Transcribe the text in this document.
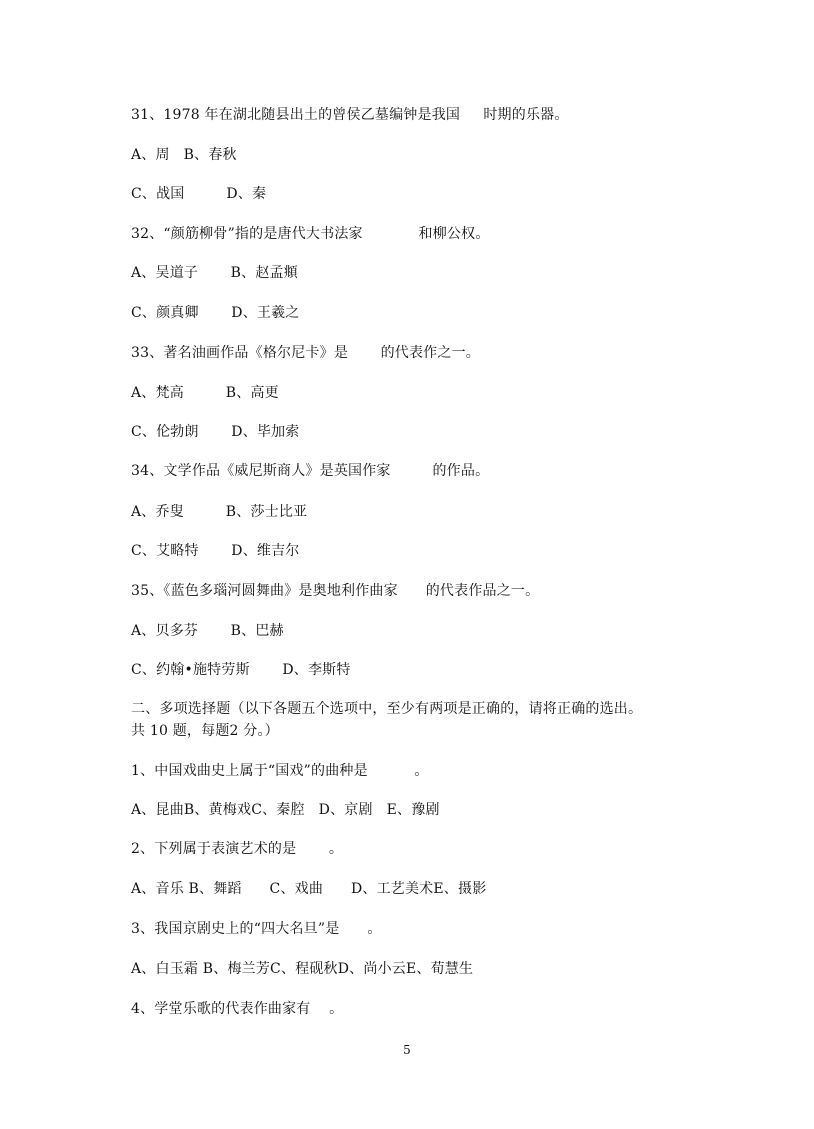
31、1978 年在湖北随县出土的曾侯乙墓编钟是我国     时期的乐器。
A、周   B、春秋
C、战国         D、秦
32、“颜筋柳骨”指的是唐代大书法家            和柳公权。
A、吴道子       B、赵孟頫
C、颜真卿       D、王羲之
33、著名油画作品《格尔尼卡》是       的代表作之一。
A、梵高         B、高更
C、伦勃朗       D、毕加索
34、文学作品《威尼斯商人》是英国作家         的作品。
A、乔叟         B、莎士比亚
C、艾略特       D、维吉尔
35、《蓝色多瑙河圆舞曲》是奥地利作曲家      的代表作品之一。
A、贝多芬       B、巴赫
C、约翰•施特劳斯       D、李斯特
二、多项选择题（以下各题五个选项中，至少有两项是正确的，请将正确的选出。
共 10 题，每题2 分。）
1、中国戏曲史上属于“国戏”的曲种是          。
A、昆曲B、黄梅戏C、秦腔   D、京剧   E、豫剧
2、下列属于表演艺术的是       。
A、音乐 B、舞蹈      C、戏曲      D、工艺美术E、摄影
3、我国京剧史上的“四大名旦”是      。
A、白玉霜 B、梅兰芳C、程砚秋D、尚小云E、荀慧生
4、学堂乐歌的代表作曲家有    。
5
